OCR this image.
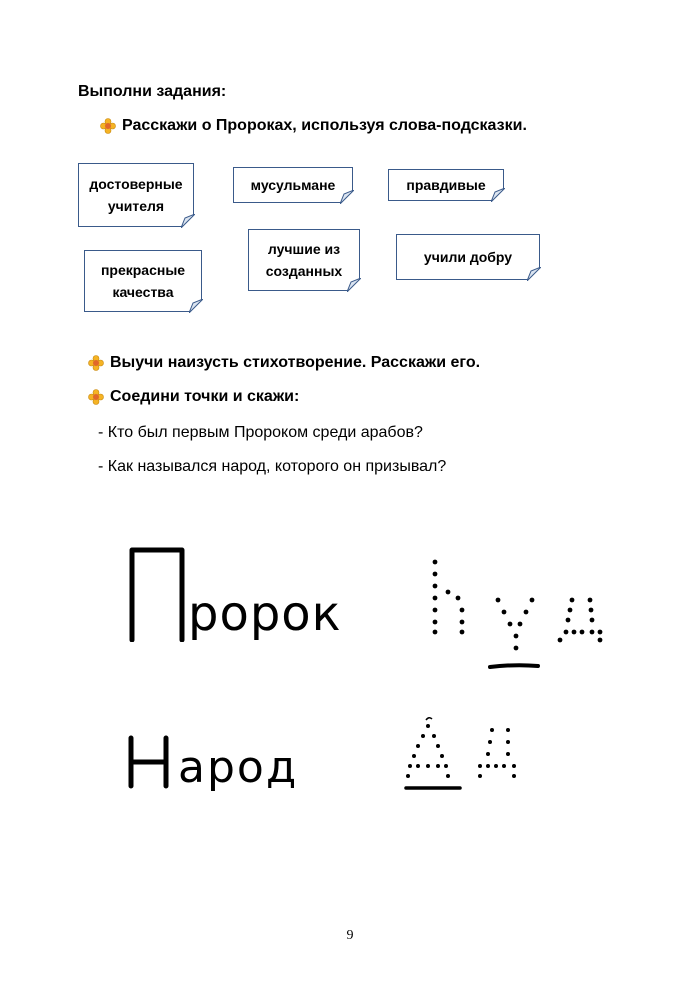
Выполни задания:
Расскажи о Пророках, используя слова-подсказки.
достоверные учителя
мусульмане	правдивые
прекрасные качества
лучшие из созданных
учили добру
Выучи наизусть стихотворение. Расскажи его.
Соедини точки и скажи:
- Кто был первым Пророком среди арабов?
- Как назывался народ, которого он призывал?
ророк
арод
9
